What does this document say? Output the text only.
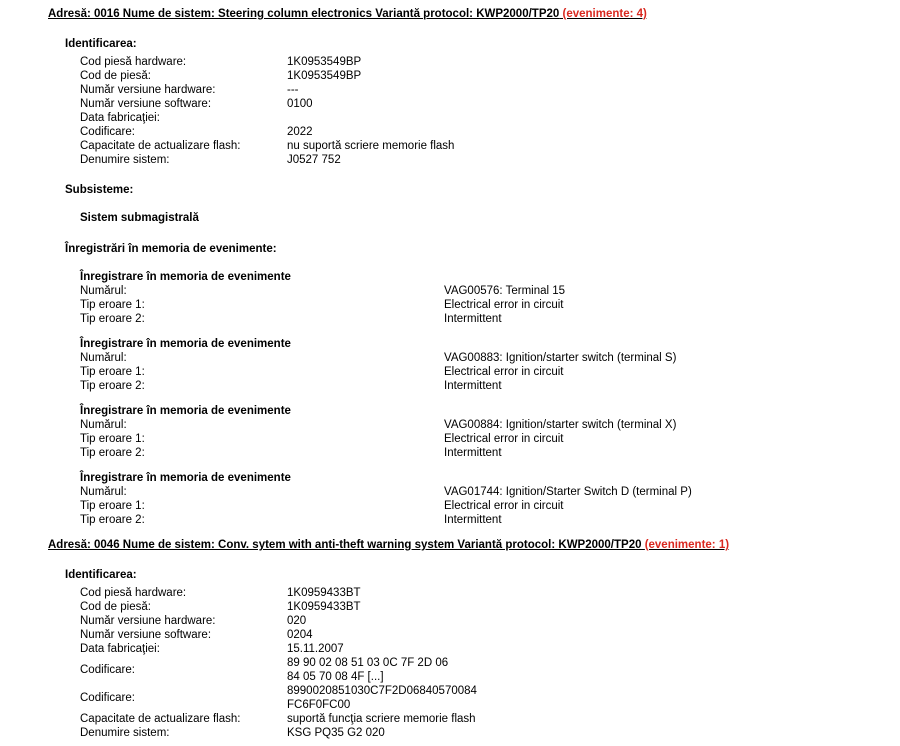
Adresă: 0016 Nume de sistem: Steering column electronics Variantă protocol: KWP2000/TP20 (evenimente: 4)
Identificarea:
Cod piesă hardware:	1K0953549BP
Cod de piesă:	1K0953549BP
Număr versiune hardware:	---
Număr versiune software:	0100
Data fabricaţiei:
Codificare:	2022
Capacitate de actualizare flash:	nu suportă scriere memorie flash
Denumire sistem:	J0527 752
Subsisteme:
Sistem submagistrală
Înregistrări în memoria de evenimente:
Înregistrare în memoria de evenimente
Numărul:	VAG00576: Terminal 15
Tip eroare 1:	Electrical error in circuit
Tip eroare 2:	Intermittent
Înregistrare în memoria de evenimente
Numărul:	VAG00883: Ignition/starter switch (terminal S)
Tip eroare 1:	Electrical error in circuit
Tip eroare 2:	Intermittent
Înregistrare în memoria de evenimente
Numărul:	VAG00884: Ignition/starter switch (terminal X)
Tip eroare 1:	Electrical error in circuit
Tip eroare 2:	Intermittent
Înregistrare în memoria de evenimente
Numărul:	VAG01744: Ignition/Starter Switch D (terminal P)
Tip eroare 1:	Electrical error in circuit
Tip eroare 2:	Intermittent
Adresă: 0046 Nume de sistem: Conv. sytem with anti-theft warning system Variantă protocol: KWP2000/TP20 (evenimente: 1)
Identificarea:
Cod piesă hardware:	1K0959433BT
Cod de piesă:	1K0959433BT
Număr versiune hardware:	020
Număr versiune software:	0204
Data fabricaţiei:	15.11.2007
Codificare:
89 90 02 08 51 03 0C 7F 2D 06
84 05 70 08 4F [...]
Codificare:
8990020851030C7F2D06840570084
FC6F0FC00
Capacitate de actualizare flash:	suportă funcţia scriere memorie flash
Denumire sistem:	KSG PQ35 G2 020
